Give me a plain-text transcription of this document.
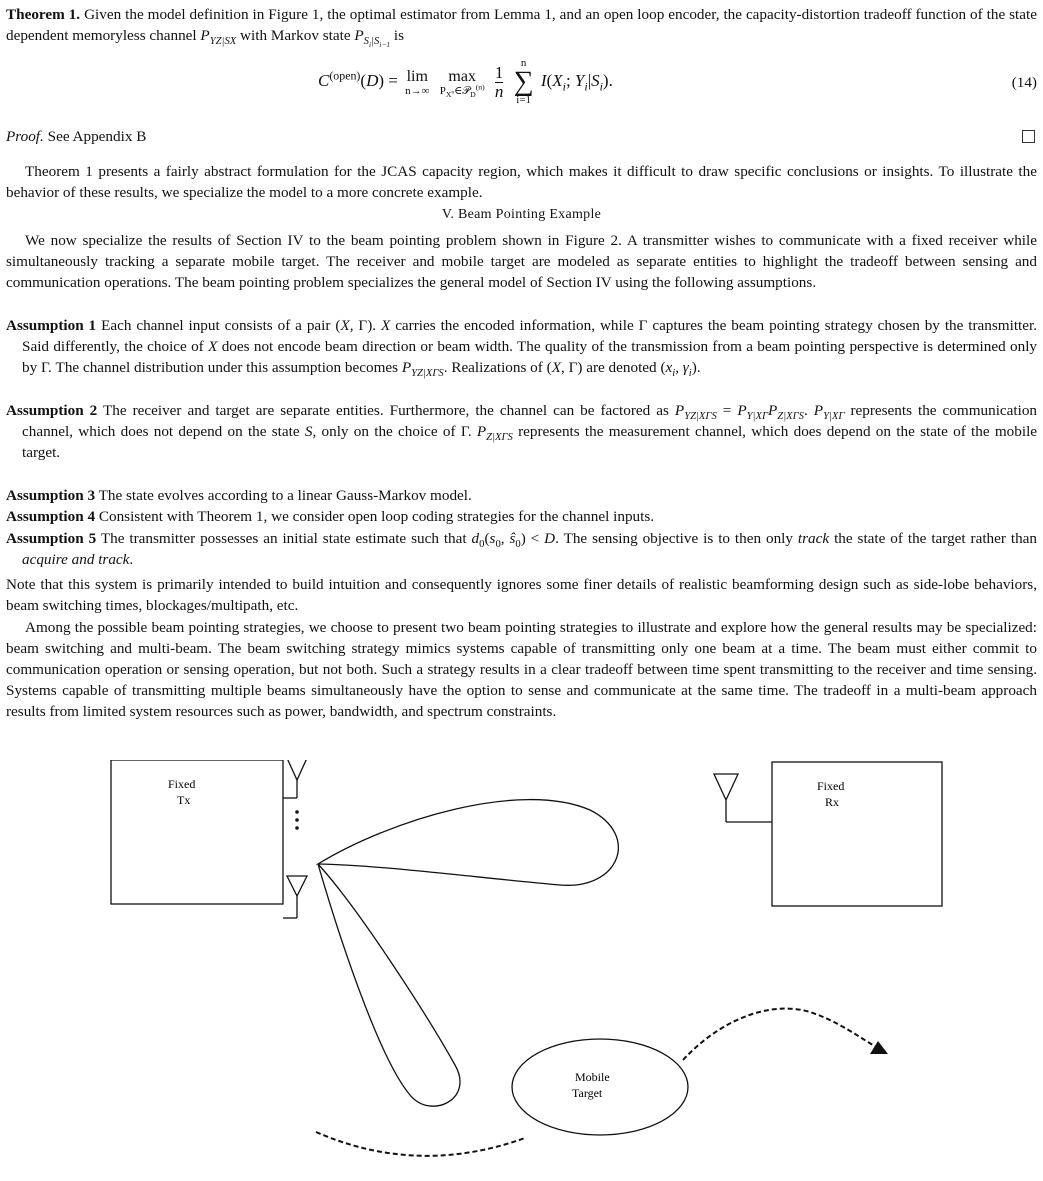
Theorem 1. Given the model definition in Figure 1, the optimal estimator from Lemma 1, and an open loop encoder, the capacity-distortion tradeoff function of the state dependent memoryless channel $P_{YZ|SX}$ with Markov state $P_{S_i|S_{i-1}}$ is

$C^{(open)}(D) = \lim$
n→∞

max
$P_{X^n}\in 𝒫_D^{(n)}$
$\frac{1}{n}$

n
∑
i=1
$I(X_i$; $Y_i|S_i$).	(14)

Proof. See Appendix B

Theorem 1 presents a fairly abstract formulation for the JCAS capacity region, which makes it difficult to draw specific conclusions or insights. To illustrate the behavior of these results, we specialize the model to a more concrete example.

V. Beam Pointing Example

We now specialize the results of Section IV to the beam pointing problem shown in Figure 2. A transmitter wishes to communicate with a fixed receiver while simultaneously tracking a separate mobile target. The receiver and mobile target are modeled as separate entities to highlight the tradeoff between sensing and communication operations. The beam pointing problem specializes the general model of Section IV using the following assumptions.

Assumption 1 Each channel input consists of a pair (X, Γ). X carries the encoded information, while Γ captures the beam pointing strategy chosen by the transmitter. Said differently, the choice of X does not encode beam direction or beam width. The quality of the transmission from a beam pointing perspective is determined only by Γ. The channel distribution under this assumption becomes $P_{YZ|X\Gamma S}$. Realizations of (X, Γ) are denoted ($x_i$, $\gamma_i$).

Assumption 2 The receiver and target are separate entities. Furthermore, the channel can be factored as $P_{YZ|X\Gamma S} = P_{Y|X\Gamma}P_{Z|X\Gamma S}$. $P_{Y|X\Gamma}$ represents the communication channel, which does not depend on the state S, only on the choice of Γ. $P_{Z|X\Gamma S}$ represents the measurement channel, which does depend on the state of the mobile target.

Assumption 3 The state evolves according to a linear Gauss-Markov model.

Assumption 4 Consistent with Theorem 1, we consider open loop coding strategies for the channel inputs.

Assumption 5 The transmitter possesses an initial state estimate such that $d_0(s_0$, $ŝ_0) < D$. The sensing objective is to then only track the state of the target rather than acquire and track.

Note that this system is primarily intended to build intuition and consequently ignores some finer details of realistic beamforming design such as side-lobe behaviors, beam switching times, blockages/multipath, etc.

Among the possible beam pointing strategies, we choose to present two beam pointing strategies to illustrate and explore how the general results may be specialized: beam switching and multi-beam. The beam switching strategy mimics systems capable of transmitting only one beam at a time. The beam must either commit to communication operation or sensing operation, but not both. Such a strategy results in a clear tradeoff between time spent transmitting to the receiver and time sensing. Systems capable of transmitting multiple beams simultaneously have the option to sense and communicate at the same time. The tradeoff in a multi-beam approach results from limited system resources such as power, bandwidth, and spectrum constraints.

Fixed
Tx
Fixed
Rx
Mobile
Target
